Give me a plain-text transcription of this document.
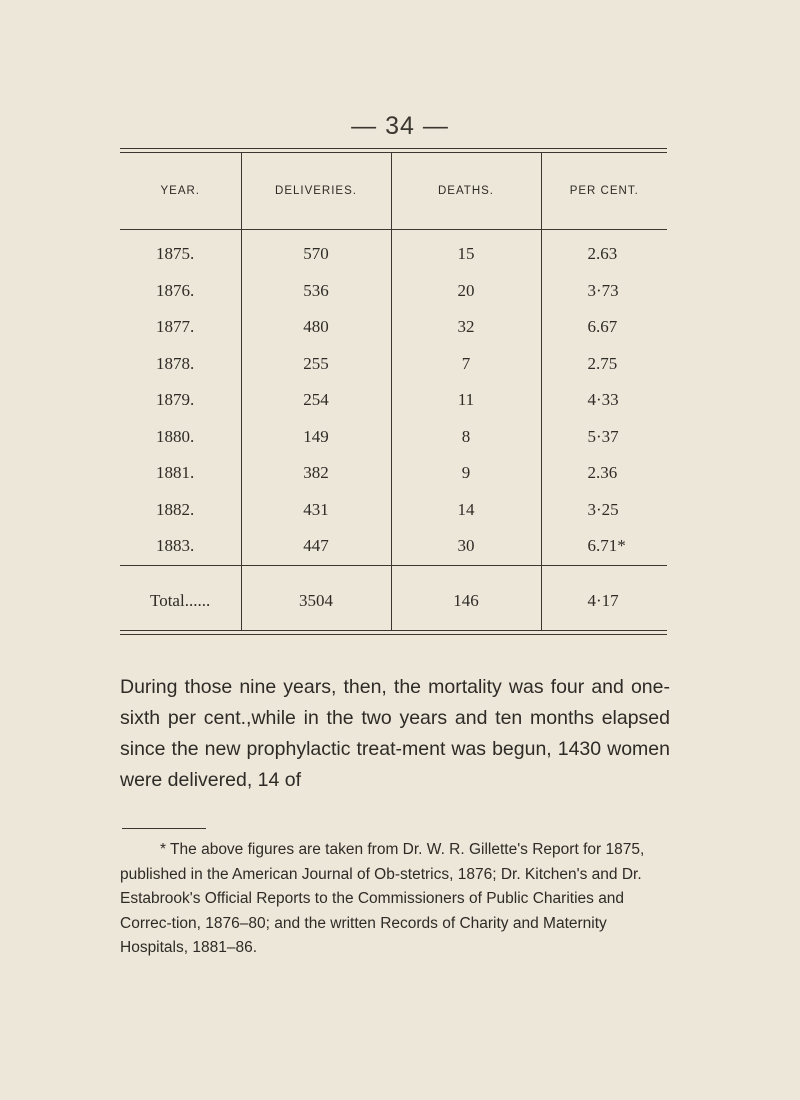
— 34 —
YEAR.	DELIVERIES.	DEATHS.	PER CENT.
1875.	570	15	2.63
1876.	536	20	3·73
1877.	480	32	6.67
1878.	255	7	2.75
1879.	254	11	4·33
1880.	149	8	5·37
1881.	382	9	2.36
1882.	431	14	3·25
1883.	447	30	6.71*
Total......	3504	146	4·17

During those nine years, then, the mortality was four and one-sixth per cent.,while in the two years and ten months elapsed since the new prophylactic treat-ment was begun, 1430 women were delivered, 14 of

* The above figures are taken from Dr. W. R. Gillette's Report for 1875, published in the American Journal of Ob-stetrics, 1876; Dr. Kitchen's and Dr. Estabrook's Official Reports to the Commissioners of Public Charities and Correc-tion, 1876–80; and the written Records of Charity and Maternity Hospitals, 1881–86.
